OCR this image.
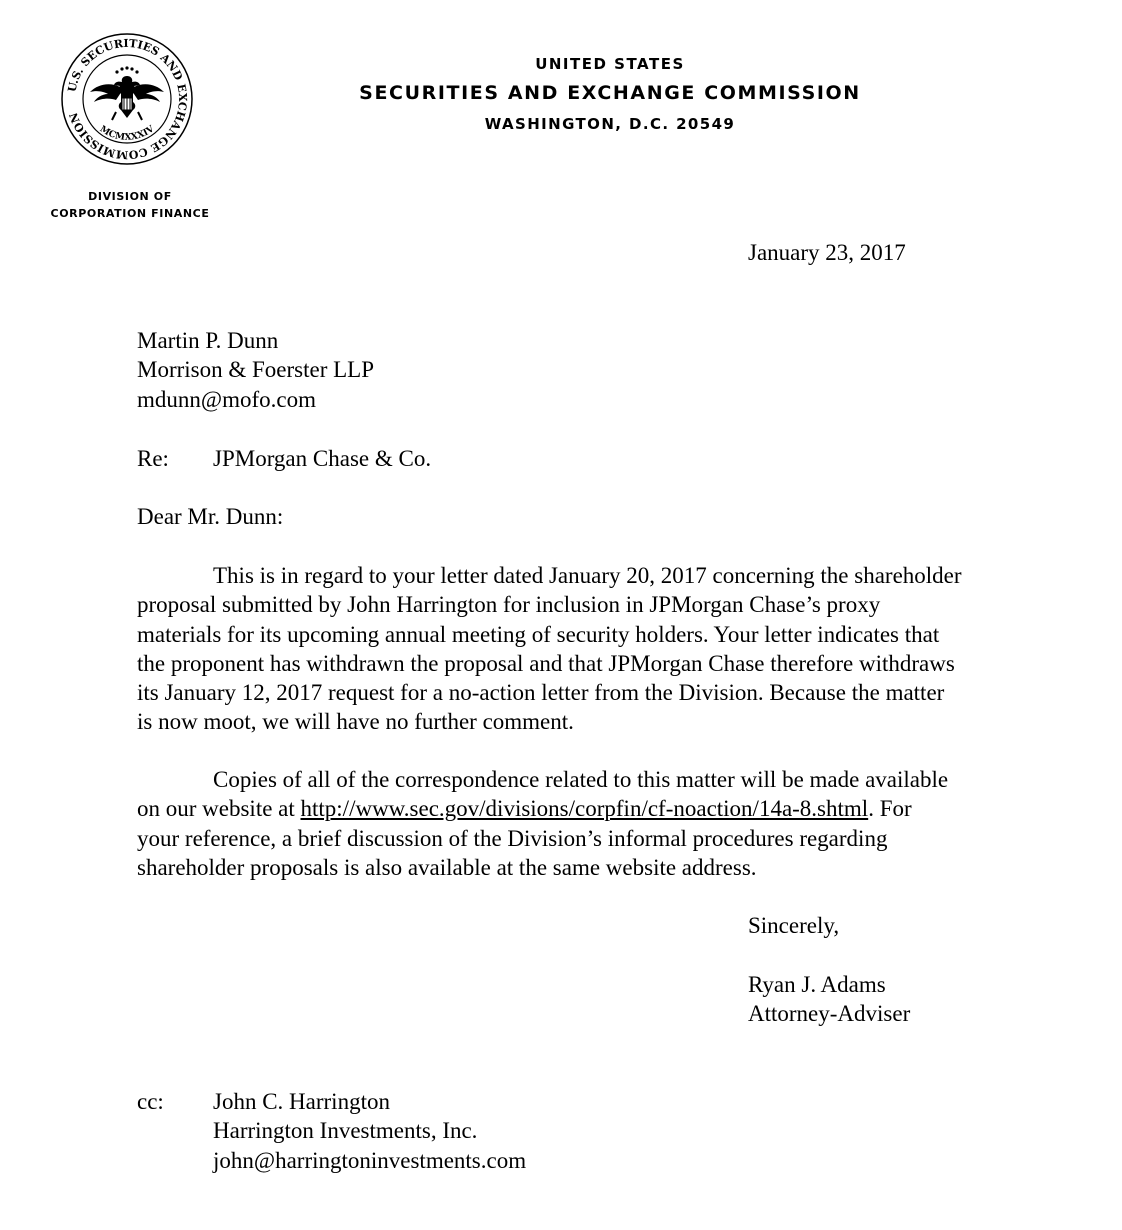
U.S. SECURITIES AND EXCHANGE COMMISSION
MCMXXXIV
UNITED STATES
SECURITIES AND EXCHANGE COMMISSION
WASHINGTON, D.C. 20549
DIVISION OF
CORPORATION FINANCE
January 23, 2017
Martin P. Dunn
Morrison & Foerster LLP
mdunn@mofo.com
Re: JPMorgan Chase & Co.
Dear Mr. Dunn:
This is in regard to your letter dated January 20, 2017 concerning the shareholder
proposal submitted by John Harrington for inclusion in JPMorgan Chase’s proxy
materials for its upcoming annual meeting of security holders. Your letter indicates that
the proponent has withdrawn the proposal and that JPMorgan Chase therefore withdraws
its January 12, 2017 request for a no-action letter from the Division. Because the matter
is now moot, we will have no further comment.
Copies of all of the correspondence related to this matter will be made available
on our website at http://www.sec.gov/divisions/corpfin/cf-noaction/14a-8.shtml. For
your reference, a brief discussion of the Division’s informal procedures regarding
shareholder proposals is also available at the same website address.
Sincerely,
Ryan J. Adams
Attorney-Adviser
cc: John C. Harrington
Harrington Investments, Inc.
john@harringtoninvestments.com
